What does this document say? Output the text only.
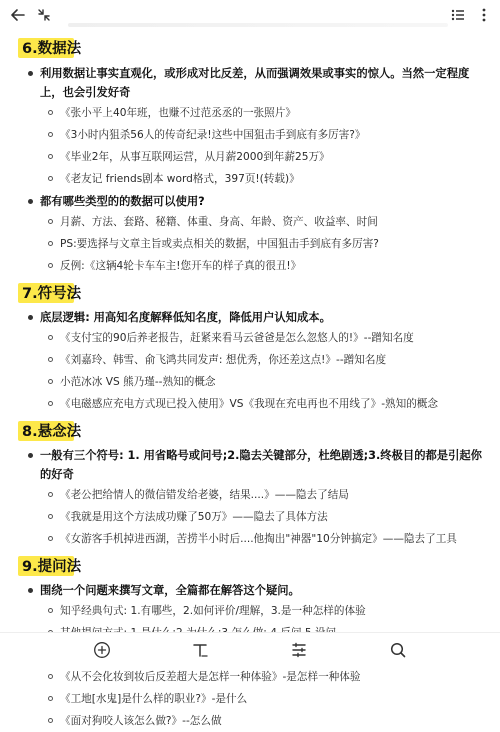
6.数据法
利用数据让事实直观化，或形成对比反差，从而强调效果或事实的惊人。当然一定程度上，也会引发好奇
《张小平上40年班，也赚不过范丞丞的一张照片》
《3小时内狙杀56人的传奇纪录!这些中国狙击手到底有多厉害?》
《毕业2年，从事互联网运营，从月薪2000到年薪25万》
《老友记 friends剧本 word格式，397页!(转载)》
都有哪些类型的的数据可以使用?
月薪、方法、套路、秘籍、体重、身高、年龄、资产、收益率、时间
PS:要选择与文章主旨或卖点相关的数据，中国狙击手到底有多厉害?
反例:《这辆4轮卡车车主!您开车的样子真的很丑!》
7.符号法
底层逻辑: 用高知名度解释低知名度，降低用户认知成本。
《支付宝的90后养老报告，赶紧来看马云爸爸是怎么忽悠人的!》--蹭知名度
《刘嘉玲、韩雪、俞飞鸿共同发声: 想优秀，你还差这点!》--蹭知名度
小范冰冰 VS 熊乃瑾--熟知的概念
《电磁感应充电方式现已投入使用》VS《我现在充电再也不用线了》-熟知的概念
8.悬念法
一般有三个符号: 1. 用省略号或问号;2.隐去关键部分，杜绝剧透;3.终极目的都是引起你的好奇
《老公把给情人的微信错发给老婆，结果....》——隐去了结局
《我就是用这个方法成功赚了50万》——隐去了具体方法
《女游客手机掉进西湖，苦捞半小时后....他掏出"神器"10分钟搞定》——隐去了工具
9.提问法
围绕一个问题来撰写文章，全篇都在解答这个疑问。
知乎经典句式: 1.有哪些，2.如何评价/理解，3.是一种怎样的体验
《从不会化妆到妆后反差超大是怎样一种体验》-是怎样一种体验
《工地[水鬼]是什么样的职业?》-是什么
《面对狗咬人该怎么做?》--怎么做
